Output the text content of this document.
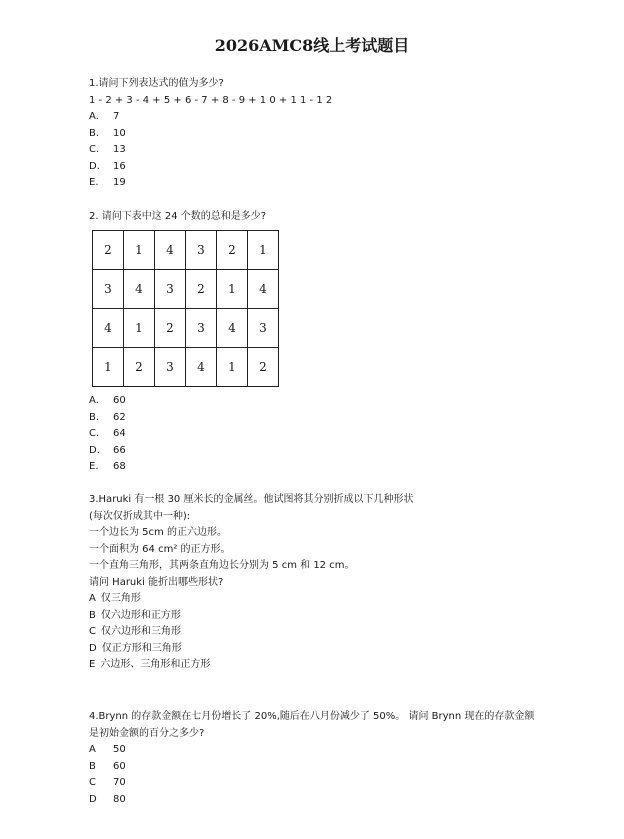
2026AMC8线上考试题目
1.请问下列表达式的值为多少?
1 - 2 + 3 - 4 + 5 + 6 - 7 + 8 - 9 + 1 0 + 1 1 - 1 2
A. 7
B. 10
C. 13
D. 16
E. 19
2. 请问下表中这 24 个数的总和是多少?
2	1	4	3	2	1
3	4	3	2	1	4
4	1	2	3	4	3
1	2	3	4	1	2
A. 60
B. 62
C. 64
D. 66
E. 68
3.Haruki 有一根 30 厘米长的金属丝。他试图将其分别折成以下几种形状
(每次仅折成其中一种):
一个边长为 5cm 的正六边形。
一个面积为 64 cm² 的正方形。
一个直角三角形，其两条直角边长分别为 5 cm 和 12 cm。
请问 Haruki 能折出哪些形状?
A 仅三角形
B 仅六边形和正方形
C 仅六边形和三角形
D 仅正方形和三角形
E 六边形、三角形和正方形
4.Brynn 的存款金额在七月份增长了 20%,随后在八月份减少了 50%。 请问 Brynn 现在的存款金额是初始金额的百分之多少?
A 50
B 60
C 70
D 80
